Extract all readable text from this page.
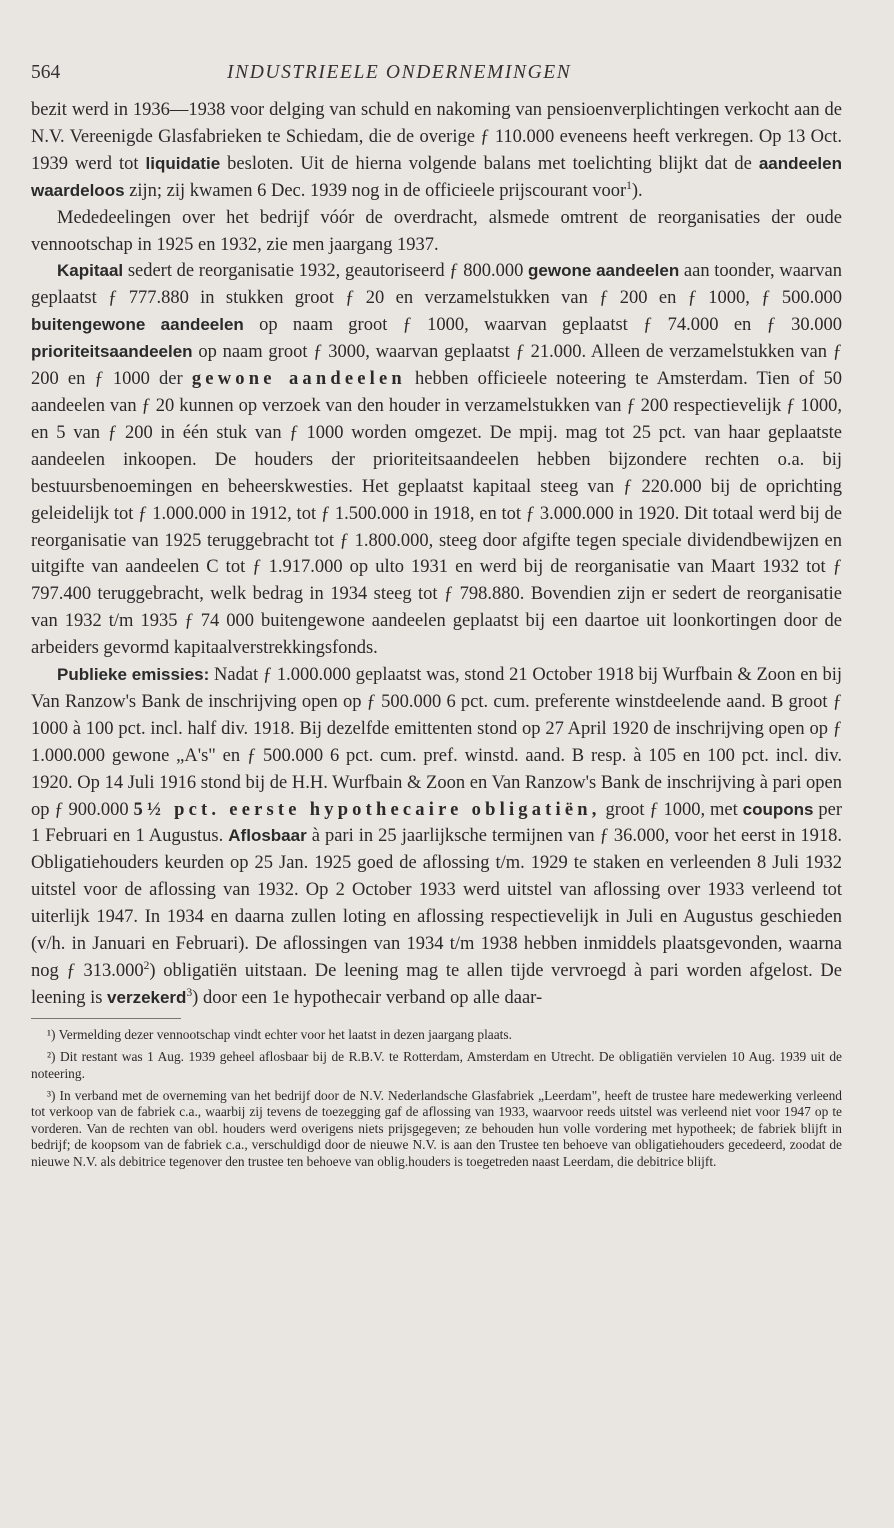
564	INDUSTRIEELE ONDERNEMINGEN

bezit werd in 1936—1938 voor delging van schuld en nakoming van pensioenverplichtingen verkocht aan de N.V. Vereenigde Glasfabrieken te Schiedam, die de overige ƒ 110.000 eveneens heeft verkregen. Op 13 Oct. 1939 werd tot liquidatie besloten. Uit de hierna volgende balans met toelichting blijkt dat de aandeelen waardeloos zijn; zij kwamen 6 Dec. 1939 nog in de officieele prijscourant voor$^1$).

Mededeelingen over het bedrijf vóór de overdracht, alsmede omtrent de reorganisaties der oude vennootschap in 1925 en 1932, zie men jaargang 1937.

Kapitaal sedert de reorganisatie 1932, geautoriseerd ƒ 800.000 gewone aandeelen aan toonder, waarvan geplaatst ƒ 777.880 in stukken groot ƒ 20 en verzamelstukken van ƒ 200 en ƒ 1000, ƒ 500.000 buitengewone aandeelen op naam groot ƒ 1000, waarvan geplaatst ƒ 74.000 en ƒ 30.000 prioriteitsaandeelen op naam groot ƒ 3000, waarvan geplaatst ƒ 21.000. Alleen de verzamelstukken van ƒ 200 en ƒ 1000 der gewone aandeelen hebben officieele noteering te Amsterdam. Tien of 50 aandeelen van ƒ 20 kunnen op verzoek van den houder in verzamelstukken van ƒ 200 respectievelijk ƒ 1000, en 5 van ƒ 200 in één stuk van ƒ 1000 worden omgezet. De mpij. mag tot 25 pct. van haar geplaatste aandeelen inkoopen. De houders der prioriteitsaandeelen hebben bijzondere rechten o.a. bij bestuursbenoemingen en beheerskwesties. Het geplaatst kapitaal steeg van ƒ 220.000 bij de oprichting geleidelijk tot ƒ 1.000.000 in 1912, tot ƒ 1.500.000 in 1918, en tot ƒ 3.000.000 in 1920. Dit totaal werd bij de reorganisatie van 1925 teruggebracht tot ƒ 1.800.000, steeg door afgifte tegen speciale dividendbewijzen en uitgifte van aandeelen C tot ƒ 1.917.000 op ulto 1931 en werd bij de reorganisatie van Maart 1932 tot ƒ 797.400 teruggebracht, welk bedrag in 1934 steeg tot ƒ 798.880. Bovendien zijn er sedert de reorganisatie van 1932 t/m 1935 ƒ 74 000 buitengewone aandeelen geplaatst bij een daartoe uit loonkortingen door de arbeiders gevormd kapitaalverstrekkingsfonds.

Publieke emissies: Nadat ƒ 1.000.000 geplaatst was, stond 21 October 1918 bij Wurfbain & Zoon en bij Van Ranzow's Bank de inschrijving open op ƒ 500.000 6 pct. cum. preferente winstdeelende aand. B groot ƒ 1000 à 100 pct. incl. half div. 1918. Bij dezelfde emittenten stond op 27 April 1920 de inschrijving open op ƒ 1.000.000 gewone „A's" en ƒ 500.000 6 pct. cum. pref. winstd. aand. B resp. à 105 en 100 pct. incl. div. 1920. Op 14 Juli 1916 stond bij de H.H. Wurfbain & Zoon en Van Ranzow's Bank de inschrijving à pari open op ƒ 900.000 5½ pct. eerste hypothecaire obligatiën, groot ƒ 1000, met coupons per 1 Februari en 1 Augustus. Aflosbaar à pari in 25 jaarlijksche termijnen van ƒ 36.000, voor het eerst in 1918. Obligatiehouders keurden op 25 Jan. 1925 goed de aflossing t/m. 1929 te staken en verleenden 8 Juli 1932 uitstel voor de aflossing van 1932. Op 2 October 1933 werd uitstel van aflossing over 1933 verleend tot uiterlijk 1947. In 1934 en daarna zullen loting en aflossing respectievelijk in Juli en Augustus geschieden (v/h. in Januari en Februari). De aflossingen van 1934 t/m 1938 hebben inmiddels plaatsgevonden, waarna nog ƒ 313.000$^2$) obligatiën uitstaan. De leening mag te allen tijde vervroegd à pari worden afgelost. De leening is verzekerd$^3$) door een 1e hypothecair verband op alle daar-

¹) Vermelding dezer vennootschap vindt echter voor het laatst in dezen jaargang plaats.

²) Dit restant was 1 Aug. 1939 geheel aflosbaar bij de R.B.V. te Rotterdam, Amsterdam en Utrecht. De obligatiën vervielen 10 Aug. 1939 uit de noteering.

³) In verband met de overneming van het bedrijf door de N.V. Nederlandsche Glasfabriek „Leerdam", heeft de trustee hare medewerking verleend tot verkoop van de fabriek c.a., waarbij zij tevens de toezegging gaf de aflossing van 1933, waarvoor reeds uitstel was verleend niet voor 1947 op te vorderen. Van de rechten van obl. houders werd overigens niets prijsgegeven; ze behouden hun volle vordering met hypotheek; de fabriek blijft in bedrijf; de koopsom van de fabriek c.a., verschuldigd door de nieuwe N.V. is aan den Trustee ten behoeve van obligatiehouders gecedeerd, zoodat de nieuwe N.V. als debitrice tegenover den trustee ten behoeve van oblig.houders is toegetreden naast Leerdam, die debitrice blijft.
